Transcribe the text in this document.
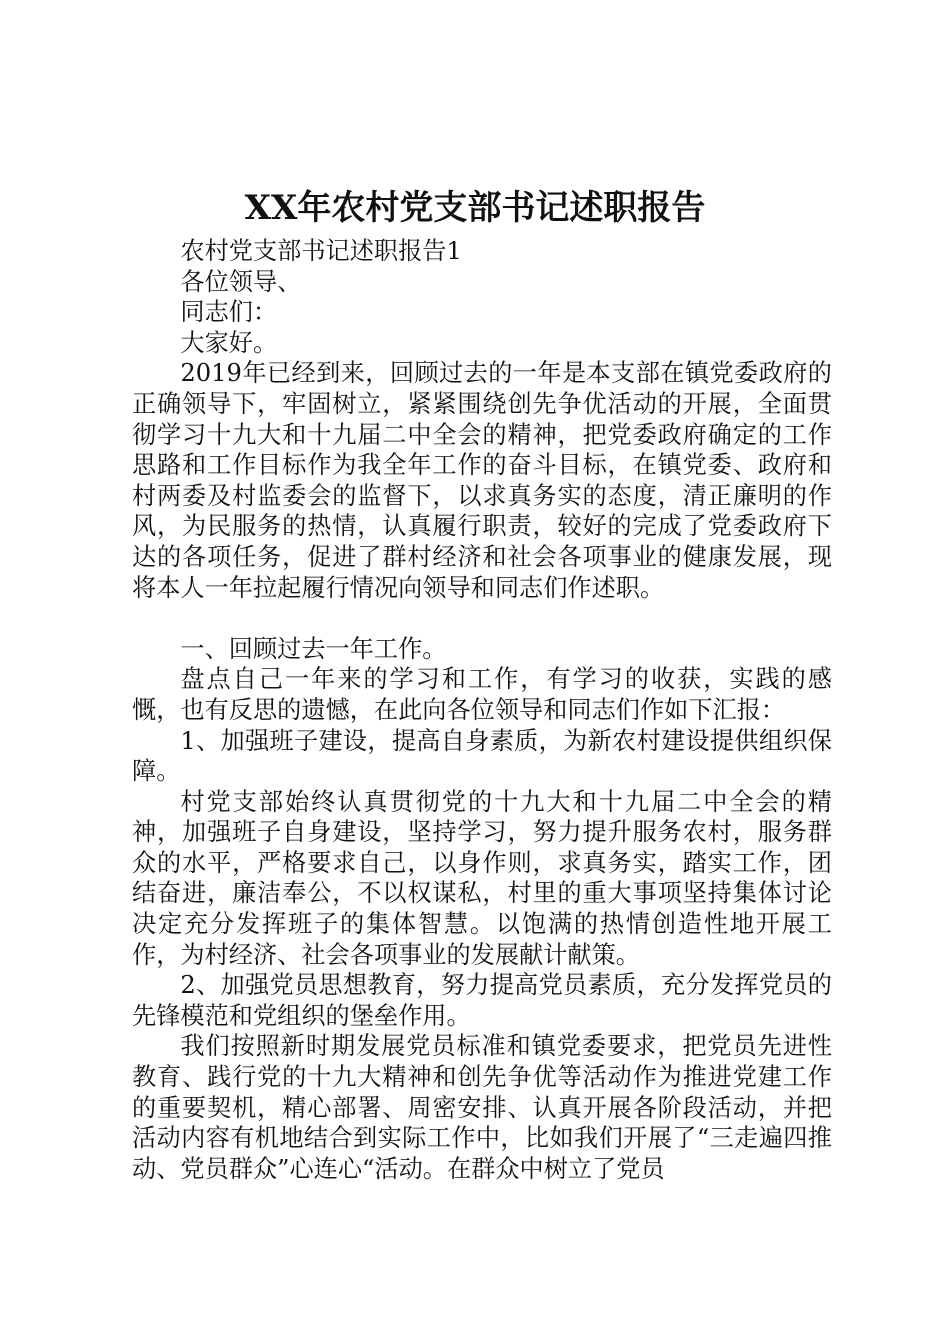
XX年农村党支部书记述职报告

农村党支部书记述职报告1

各位领导、

同志们：

大家好。

2019年已经到来，回顾过去的一年是本支部在镇党委政府的正确领导下，牢固树立，紧紧围绕创先争优活动的开展，全面贯彻学习十九大和十九届二中全会的精神，把党委政府确定的工作思路和工作目标作为我全年工作的奋斗目标，在镇党委、政府和村两委及村监委会的监督下，以求真务实的态度，清正廉明的作风，为民服务的热情，认真履行职责，较好的完成了党委政府下达的各项任务，促进了群村经济和社会各项事业的健康发展，现将本人一年拉起履行情况向领导和同志们作述职。

一、回顾过去一年工作。

盘点自己一年来的学习和工作，有学习的收获，实践的感慨，也有反思的遗憾，在此向各位领导和同志们作如下汇报：

1、加强班子建设，提高自身素质，为新农村建设提供组织保障。

村党支部始终认真贯彻党的十九大和十九届二中全会的精神，加强班子自身建设，坚持学习，努力提升服务农村，服务群众的水平，严格要求自己，以身作则，求真务实，踏实工作，团结奋进，廉洁奉公，不以权谋私，村里的重大事项坚持集体讨论决定充分发挥班子的集体智慧。以饱满的热情创造性地开展工作，为村经济、社会各项事业的发展献计献策。

2、加强党员思想教育，努力提高党员素质，充分发挥党员的先锋模范和党组织的堡垒作用。

我们按照新时期发展党员标准和镇党委要求，把党员先进性教育、践行党的十九大精神和创先争优等活动作为推进党建工作的重要契机，精心部署、周密安排、认真开展各阶段活动，并把活动内容有机地结合到实际工作中，比如我们开展了“三走遍四推动、党员群众”心连心“活动。在群众中树立了党员
